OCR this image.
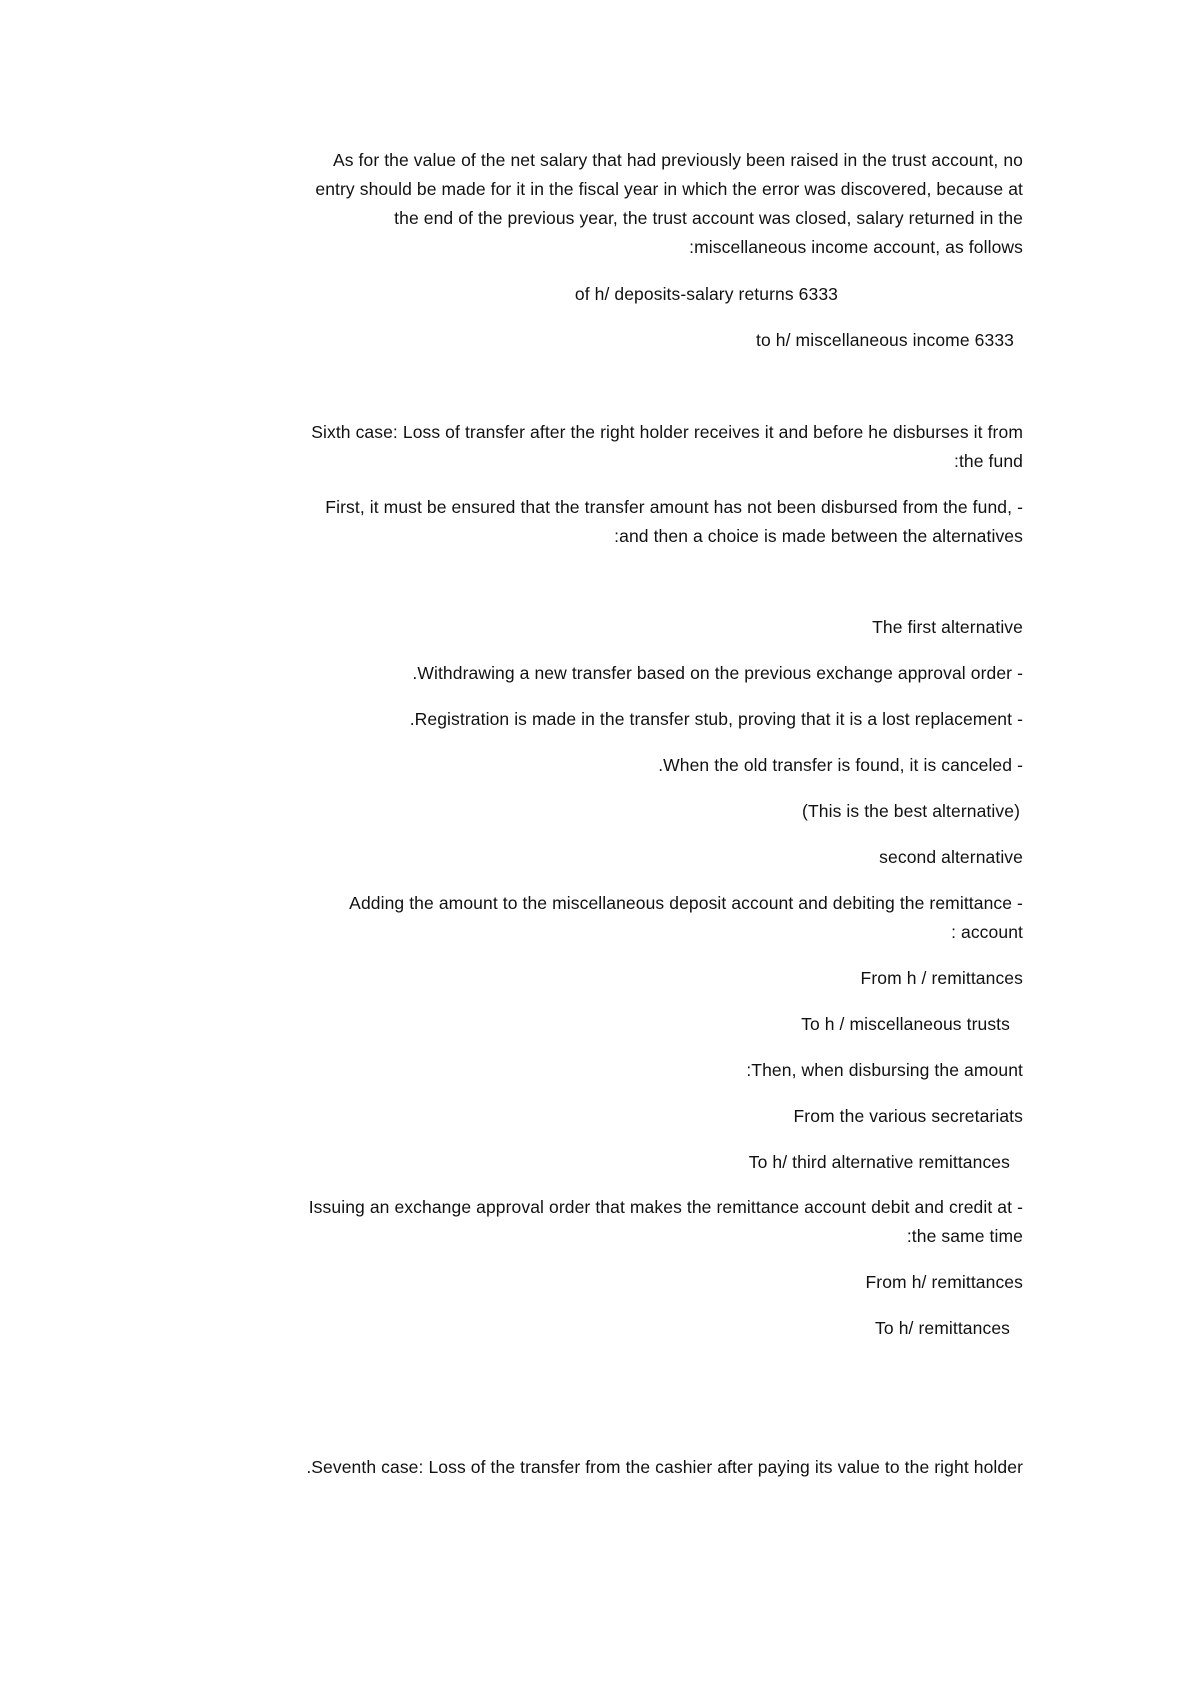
As for the value of the net salary that had previously been raised in the trust account, no
entry should be made for it in the fiscal year in which the error was discovered, because at
the end of the previous year, the trust account was closed, salary returned in the
:miscellaneous income account, as follows
of h/ deposits-salary returns 6333
to h/ miscellaneous income 6333
Sixth case: Loss of transfer after the right holder receives it and before he disburses it from
:the fund
First, it must be ensured that the transfer amount has not been disbursed from the fund, -
:and then a choice is made between the alternatives
The first alternative
.Withdrawing a new transfer based on the previous exchange approval order -
.Registration is made in the transfer stub, proving that it is a lost replacement -
.When the old transfer is found, it is canceled -
(This is the best alternative)
second alternative
Adding the amount to the miscellaneous deposit account and debiting the remittance -
: account
From h / remittances
To h / miscellaneous trusts
:Then, when disbursing the amount
From the various secretariats
To h/ third alternative remittances
Issuing an exchange approval order that makes the remittance account debit and credit at -
:the same time
From h/ remittances
To h/ remittances
.Seventh case: Loss of the transfer from the cashier after paying its value to the right holder
